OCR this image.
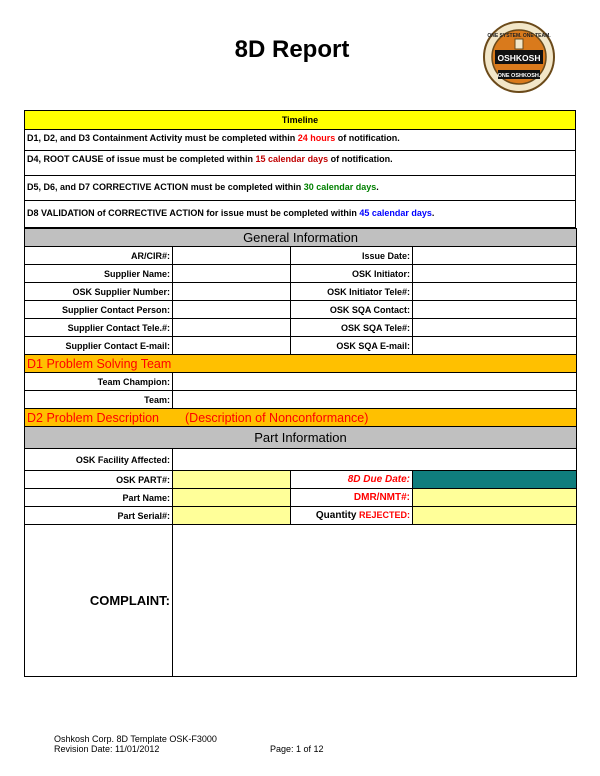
8D Report	OSHKOSH
ONE OSHKOSH.
ONE SYSTEM. ONE TEAM.
Timeline
D1, D2, and D3 Containment Activity must be completed within 24 hours of notification.
D4, ROOT CAUSE of issue must be completed within 15 calendar days of notification.
D5, D6, and D7 CORRECTIVE ACTION must be completed within 30 calendar days.
D8 VALIDATION of CORRECTIVE ACTION for issue must be completed within 45 calendar days.
General Information			
AR/CIR#:		Issue Date:	
Supplier Name:		OSK Initiator:	
OSK Supplier Number:		OSK Initiator Tele#:	
Supplier Contact Person:		OSK SQA Contact:	
Supplier Contact Tele.#:		OSK SQA Tele#:	
Supplier Contact E-mail:		OSK SQA E-mail:	
D1 Problem Solving Team			
Team Champion:			
Team:			
D2 Problem Description (Description of Nonconformance)			
Part Information			
OSK Facility Affected:			
OSK PART#:		8D Due Date:	
Part Name:		DMR/NMT#:	
Part Serial#:		Quantity REJECTED:	
COMPLAINT:			
Oshkosh Corp. 8D Template OSK-F3000
Revision Date: 11/01/2012	Page: 1 of 12
